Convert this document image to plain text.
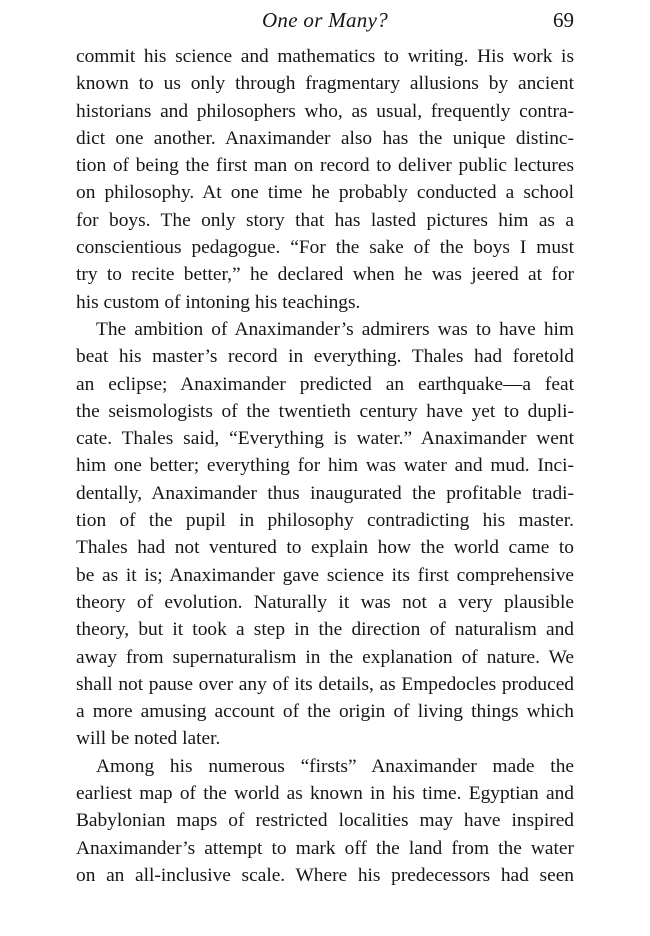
One or Many?	69
commit his science and mathematics to writing. His work is
known to us only through fragmentary allusions by ancient
historians and philosophers who, as usual, frequently contra-
dict one another. Anaximander also has the unique distinc-
tion of being the first man on record to deliver public lectures
on philosophy. At one time he probably conducted a school
for boys. The only story that has lasted pictures him as a
conscientious pedagogue. “For the sake of the boys I must
try to recite better,” he declared when he was jeered at for
his custom of intoning his teachings.
The ambition of Anaximander’s admirers was to have him
beat his master’s record in everything. Thales had foretold
an eclipse; Anaximander predicted an earthquake—a feat
the seismologists of the twentieth century have yet to dupli-
cate. Thales said, “Everything is water.” Anaximander went
him one better; everything for him was water and mud. Inci-
dentally, Anaximander thus inaugurated the profitable tradi-
tion of the pupil in philosophy contradicting his master.
Thales had not ventured to explain how the world came to
be as it is; Anaximander gave science its first comprehensive
theory of evolution. Naturally it was not a very plausible
theory, but it took a step in the direction of naturalism and
away from supernaturalism in the explanation of nature. We
shall not pause over any of its details, as Empedocles produced
a more amusing account of the origin of living things which
will be noted later.
Among his numerous “firsts” Anaximander made the
earliest map of the world as known in his time. Egyptian and
Babylonian maps of restricted localities may have inspired
Anaximander’s attempt to mark off the land from the water
on an all-inclusive scale. Where his predecessors had seen
